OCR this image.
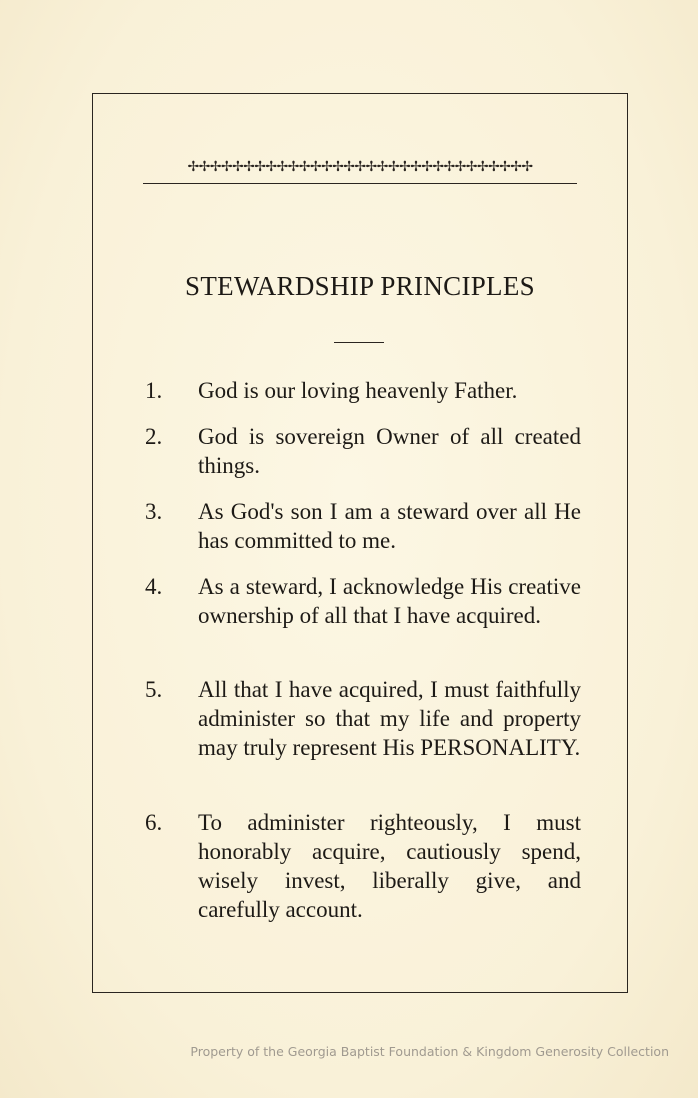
✢✢✢✢✢✢✢✢✢✢✢✢✢✢✢✢✢✢✢✢✢✢✢✢✢✢✢✢✢✢✢
STEWARDSHIP PRINCIPLES
1.	God is our loving heavenly Father.
2.	God is sovereign Owner of all created things.
3.	As God's son I am a steward over all He has committed to me.
4.	As a steward, I acknowledge His creative ownership of all that I have acquired.
5.	All that I have acquired, I must faithfully administer so that my life and property may truly represent His PERSONALITY.
6.	To administer righteously, I must honorably acquire, cautiously spend, wisely invest, liberally give, and carefully account.
Property of the Georgia Baptist Foundation & Kingdom Generosity Collection
